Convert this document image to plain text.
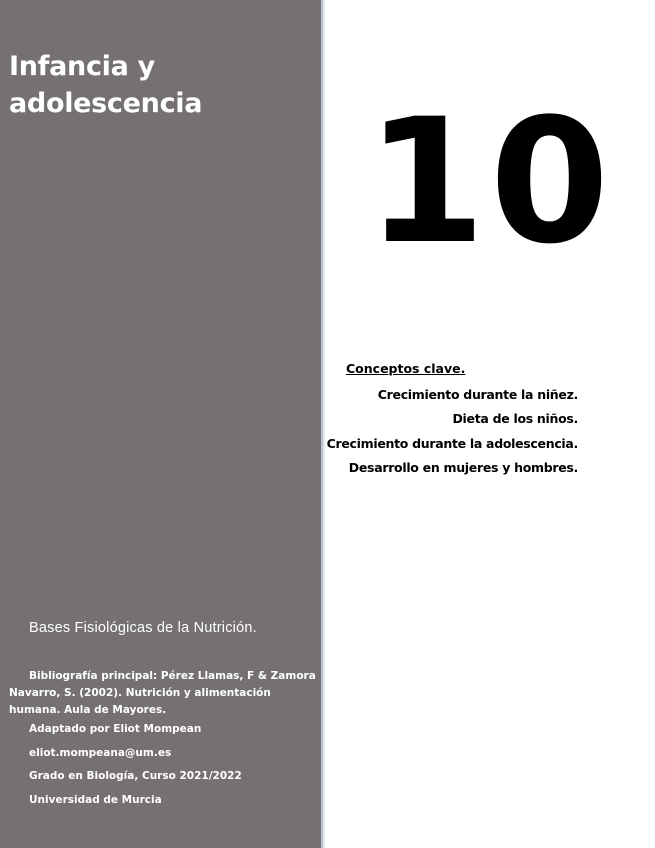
Infancia y
adolescencia
Bases Fisiológicas de la Nutrición.

Bibliografía principal: Pérez Llamas, F & Zamora Navarro, S. (2002). Nutrición y alimentación humana. Aula de Mayores.

Adaptado por Eliot Mompean
eliot.mompeana@um.es
Grado en Biología, Curso 2021/2022
Universidad de Murcia
10
Conceptos clave.
Crecimiento durante la niñez.
Dieta de los niños.
Crecimiento durante la adolescencia.
Desarrollo en mujeres y hombres.
